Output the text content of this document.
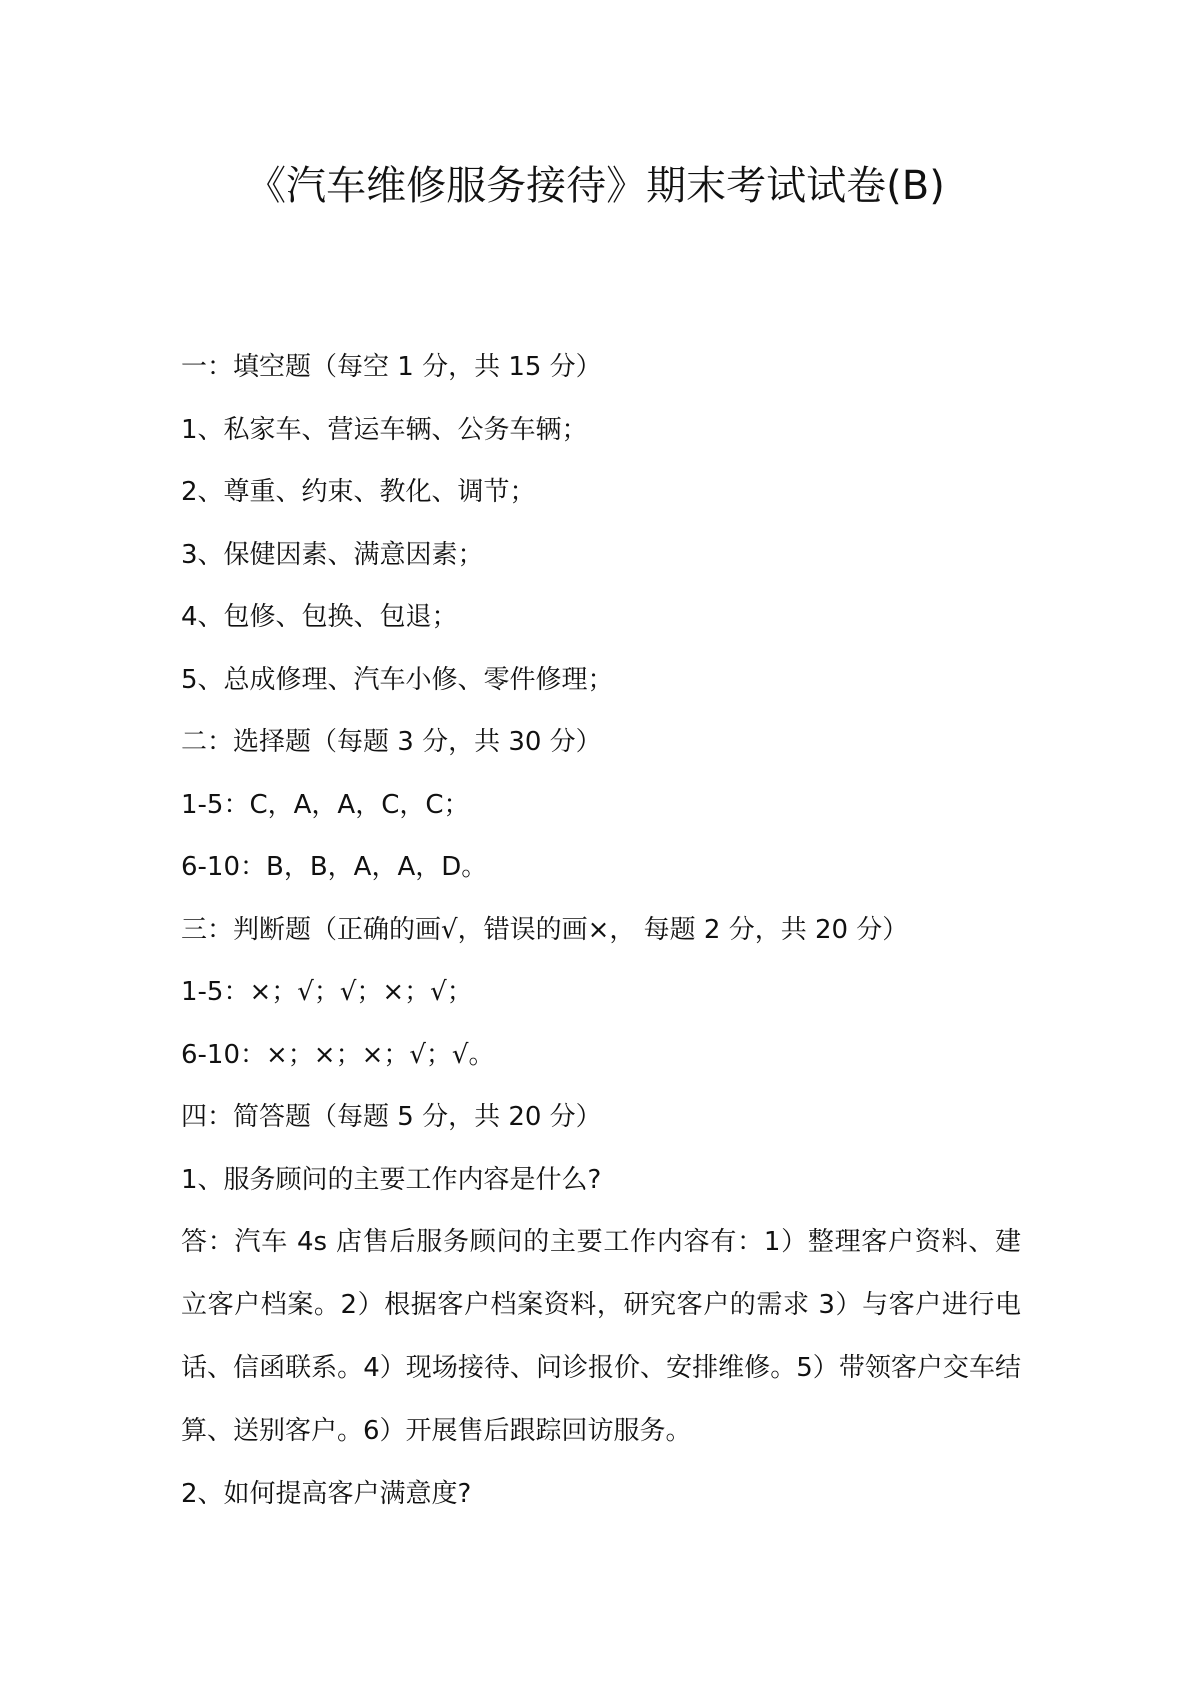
《汽车维修服务接待》期末考试试卷(B)
一：填空题（每空 1 分，共 15 分）
1、私家车、营运车辆、公务车辆；
2、尊重、约束、教化、调节；
3、保健因素、满意因素；
4、包修、包换、包退；
5、总成修理、汽车小修、零件修理；
二：选择题（每题 3 分，共 30 分）
1-5：C，A，A，C，C；
6-10：B，B，A，A，D。
三：判断题（正确的画√，错误的画×， 每题 2 分，共 20 分）
1-5：×；√；√；×；√；
6-10：×；×；×；√；√。
四：简答题（每题 5 分，共 20 分）
1、服务顾问的主要工作内容是什么?
答：汽车 4s 店售后服务顾问的主要工作内容有：1）整理客户资料、建立客户档案。2）根据客户档案资料，研究客户的需求 3）与客户进行电话、信函联系。4）现场接待、问诊报价、安排维修。5）带领客户交车结算、送别客户。6）开展售后跟踪回访服务。
2、如何提高客户满意度?
